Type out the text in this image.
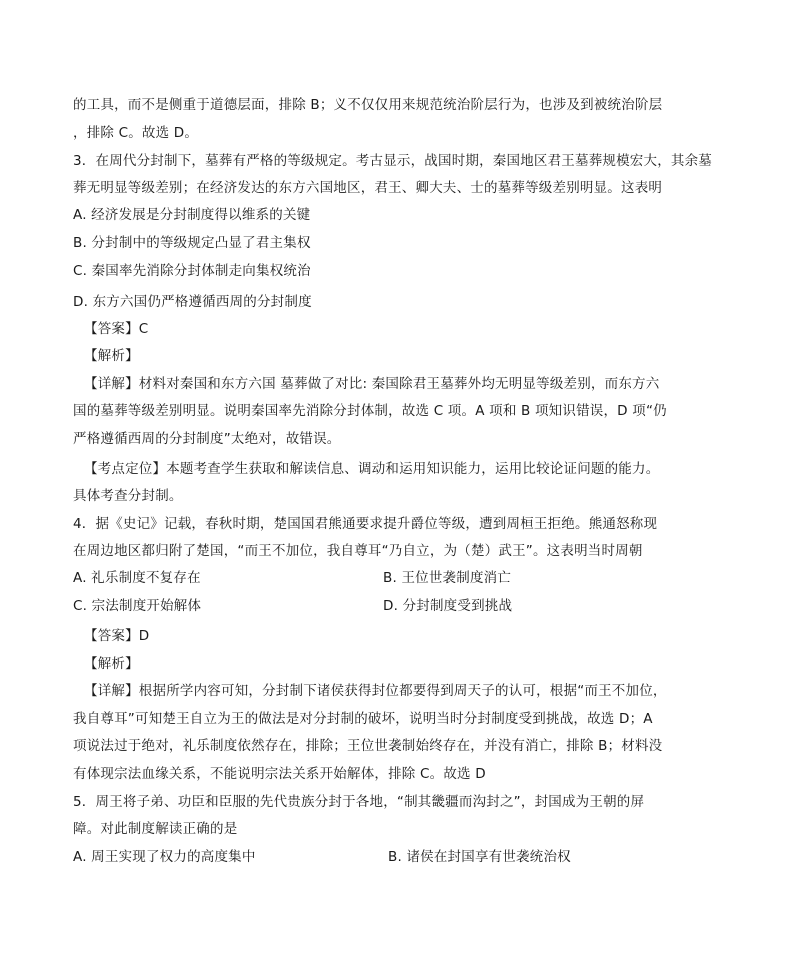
的工具，而不是侧重于道德层面，排除 B；义不仅仅用来规范统治阶层行为，也涉及到被统治阶层
，排除 C。故选 D。
3．在周代分封制下，墓葬有严格的等级规定。考古显示，战国时期，秦国地区君王墓葬规模宏大，其余墓
葬无明显等级差别；在经济发达的东方六国地区，君王、卿大夫、士的墓葬等级差别明显。这表明
A. 经济发展是分封制度得以维系的关键
B. 分封制中的等级规定凸显了君主集权
C. 秦国率先消除分封体制走向集权统治
D. 东方六国仍严格遵循西周的分封制度
【答案】C
【解析】
【详解】材料对秦国和东方六国 墓葬做了对比: 秦国除君王墓葬外均无明显等级差别，而东方六
国的墓葬等级差别明显。说明秦国率先消除分封体制，故选 C 项。A 项和 B 项知识错误，D 项“仍
严格遵循西周的分封制度”太绝对，故错误。
【考点定位】本题考查学生获取和解读信息、调动和运用知识能力，运用比较论证问题的能力。
具体考查分封制。
4．据《史记》记载，春秋时期，楚国国君熊通要求提升爵位等级，遭到周桓王拒绝。熊通怒称现
在周边地区都归附了楚国，“而王不加位，我自尊耳“乃自立，为（楚）武王”。这表明当时周朝
A. 礼乐制度不复存在	B. 王位世袭制度消亡
C. 宗法制度开始解体	D. 分封制度受到挑战
【答案】D
【解析】
【详解】根据所学内容可知，分封制下诸侯获得封位都要得到周天子的认可，根据“而王不加位，
我自尊耳”可知楚王自立为王的做法是对分封制的破坏，说明当时分封制度受到挑战，故选 D；A
项说法过于绝对，礼乐制度依然存在，排除；王位世袭制始终存在，并没有消亡，排除 B；材料没
有体现宗法血缘关系，不能说明宗法关系开始解体，排除 C。故选 D
5．周王将子弟、功臣和臣服的先代贵族分封于各地，“制其畿疆而沟封之”，封国成为王朝的屏
障。对此制度解读正确的是
A. 周王实现了权力的高度集中	B. 诸侯在封国享有世袭统治权
